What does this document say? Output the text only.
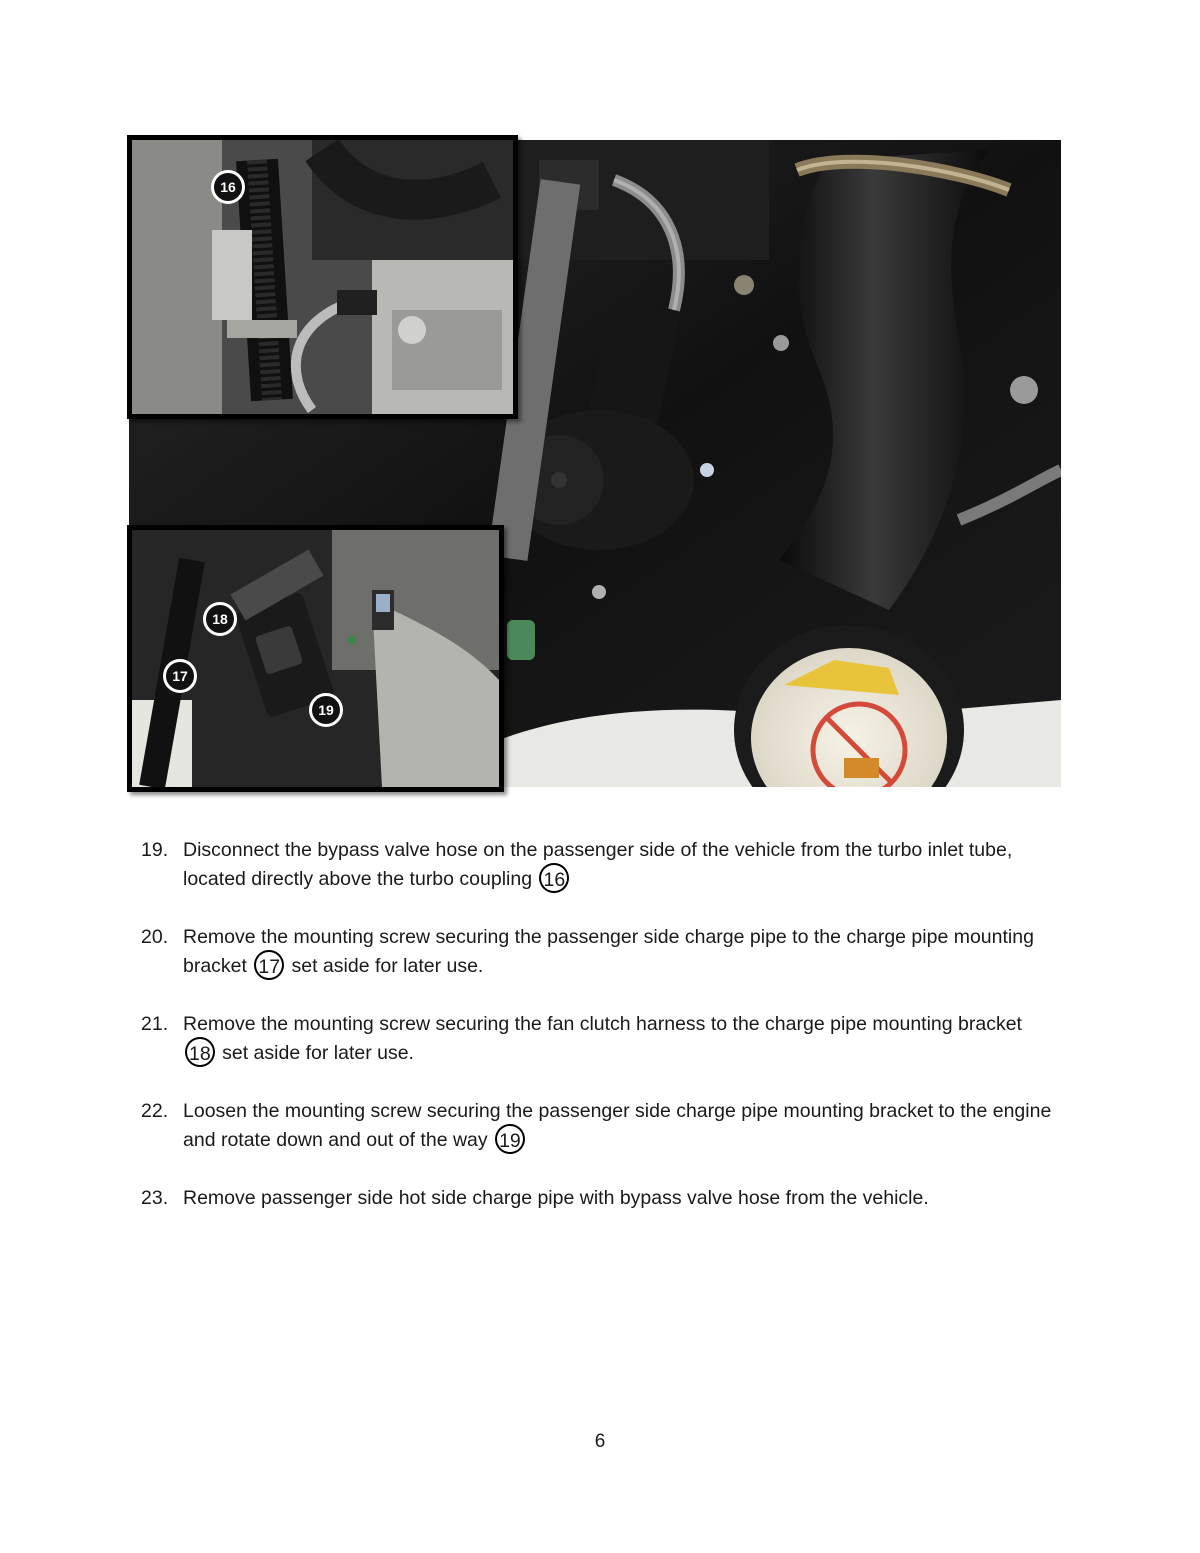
16
18
17
19
19. Disconnect the bypass valve hose on the passenger side of the vehicle from the turbo inlet tube, located directly above the turbo coupling 16
20. Remove the mounting screw securing the passenger side charge pipe to the charge pipe mounting bracket 17 set aside for later use.
21. Remove the mounting screw securing the fan clutch harness to the charge pipe mounting bracket 18 set aside for later use.
22. Loosen the mounting screw securing the passenger side charge pipe mounting bracket to the engine and rotate down and out of the way 19
23. Remove passenger side hot side charge pipe with bypass valve hose from the vehicle.
6
